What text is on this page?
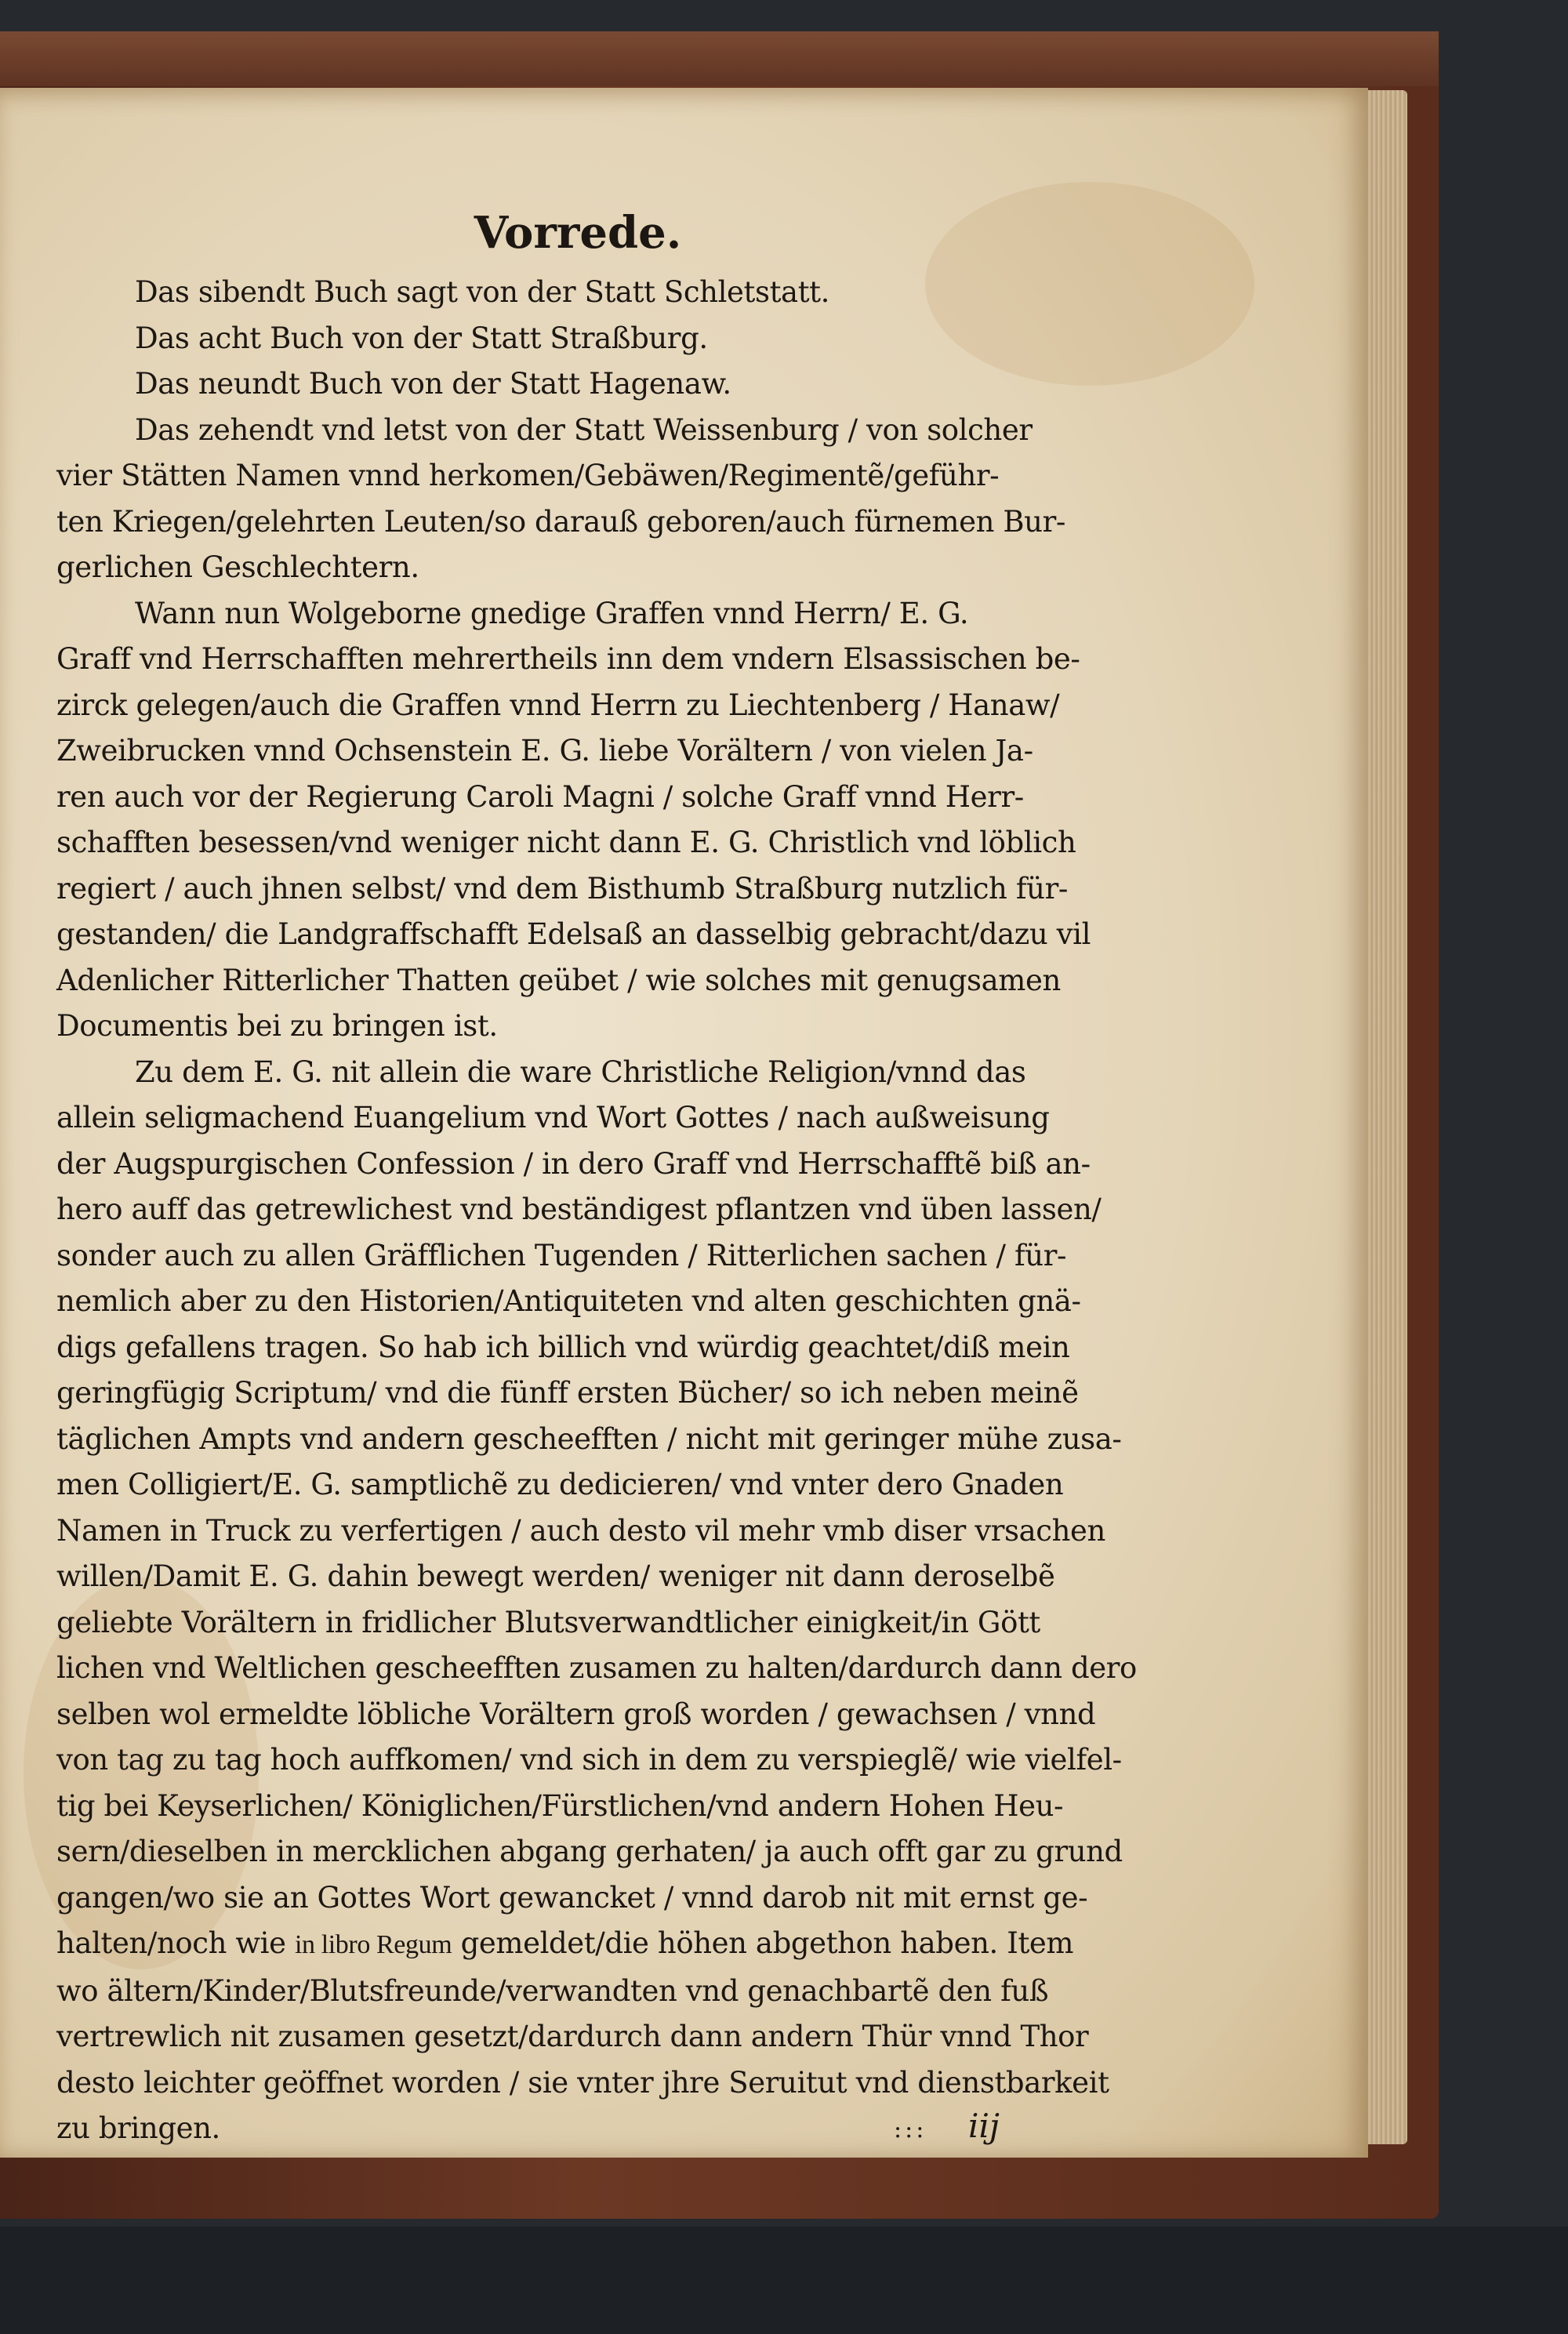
Vorrede.
Das sibendt Buch sagt von der Statt Schletstatt.
Das acht Buch von der Statt Straßburg.
Das neundt Buch von der Statt Hagenaw.
Das zehendt vnd letst von der Statt Weissenburg / von solcher
vier Stätten Namen vnnd herkomen/Gebäwen/Regimentẽ/geführ-
ten Kriegen/gelehrten Leuten/so darauß geboren/auch fürnemen Bur-
gerlichen Geschlechtern.
Wann nun Wolgeborne gnedige Graffen vnnd Herrn/ E. G.
Graff vnd Herrschafften mehrertheils inn dem vndern Elsassischen be-
zirck gelegen/auch die Graffen vnnd Herrn zu Liechtenberg / Hanaw/
Zweibrucken vnnd Ochsenstein E. G. liebe Vorältern / von vielen Ja-
ren auch vor der Regierung Caroli Magni / solche Graff vnnd Herr-
schafften besessen/vnd weniger nicht dann E. G. Christlich vnd löblich
regiert / auch jhnen selbst/ vnd dem Bisthumb Straßburg nutzlich für-
gestanden/ die Landgraffschafft Edelsaß an dasselbig gebracht/dazu vil
Adenlicher Ritterlicher Thatten geübet / wie solches mit genugsamen
Documentis bei zu bringen ist.
Zu dem E. G. nit allein die ware Christliche Religion/vnnd das
allein seligmachend Euangelium vnd Wort Gottes / nach außweisung
der Augspurgischen Confession / in dero Graff vnd Herrschafftẽ biß an-
hero auff das getrewlichest vnd beständigest pflantzen vnd üben lassen/
sonder auch zu allen Gräfflichen Tugenden / Ritterlichen sachen / für-
nemlich aber zu den Historien/Antiquiteten vnd alten geschichten gnä-
digs gefallens tragen. So hab ich billich vnd würdig geachtet/diß mein
geringfügig Scriptum/ vnd die fünff ersten Bücher/ so ich neben meinẽ
täglichen Ampts vnd andern gescheefften / nicht mit geringer mühe zusa-
men Colligiert/E. G. samptlichẽ zu dedicieren/ vnd vnter dero Gnaden
Namen in Truck zu verfertigen / auch desto vil mehr vmb diser vrsachen
willen/Damit E. G. dahin bewegt werden/ weniger nit dann deroselbẽ
geliebte Vorältern in fridlicher Blutsverwandtlicher einigkeit/in Gött
lichen vnd Weltlichen gescheefften zusamen zu halten/dardurch dann dero
selben wol ermeldte löbliche Vorältern groß worden / gewachsen / vnnd
von tag zu tag hoch auffkomen/ vnd sich in dem zu verspieglẽ/ wie vielfel-
tig bei Keyserlichen/ Königlichen/Fürstlichen/vnd andern Hohen Heu-
sern/dieselben in mercklichen abgang gerhaten/ ja auch offt gar zu grund
gangen/wo sie an Gottes Wort gewancket / vnnd darob nit mit ernst ge-
halten/noch wie in libro Regum gemeldet/die höhen abgethon haben. Item
wo ältern/Kinder/Blutsfreunde/verwandten vnd genachbartẽ den fuß
vertrewlich nit zusamen gesetzt/dardurch dann andern Thür vnnd Thor
desto leichter geöffnet worden / sie vnter jhre Seruitut vnd dienstbarkeit
zu bringen.	::: iij
